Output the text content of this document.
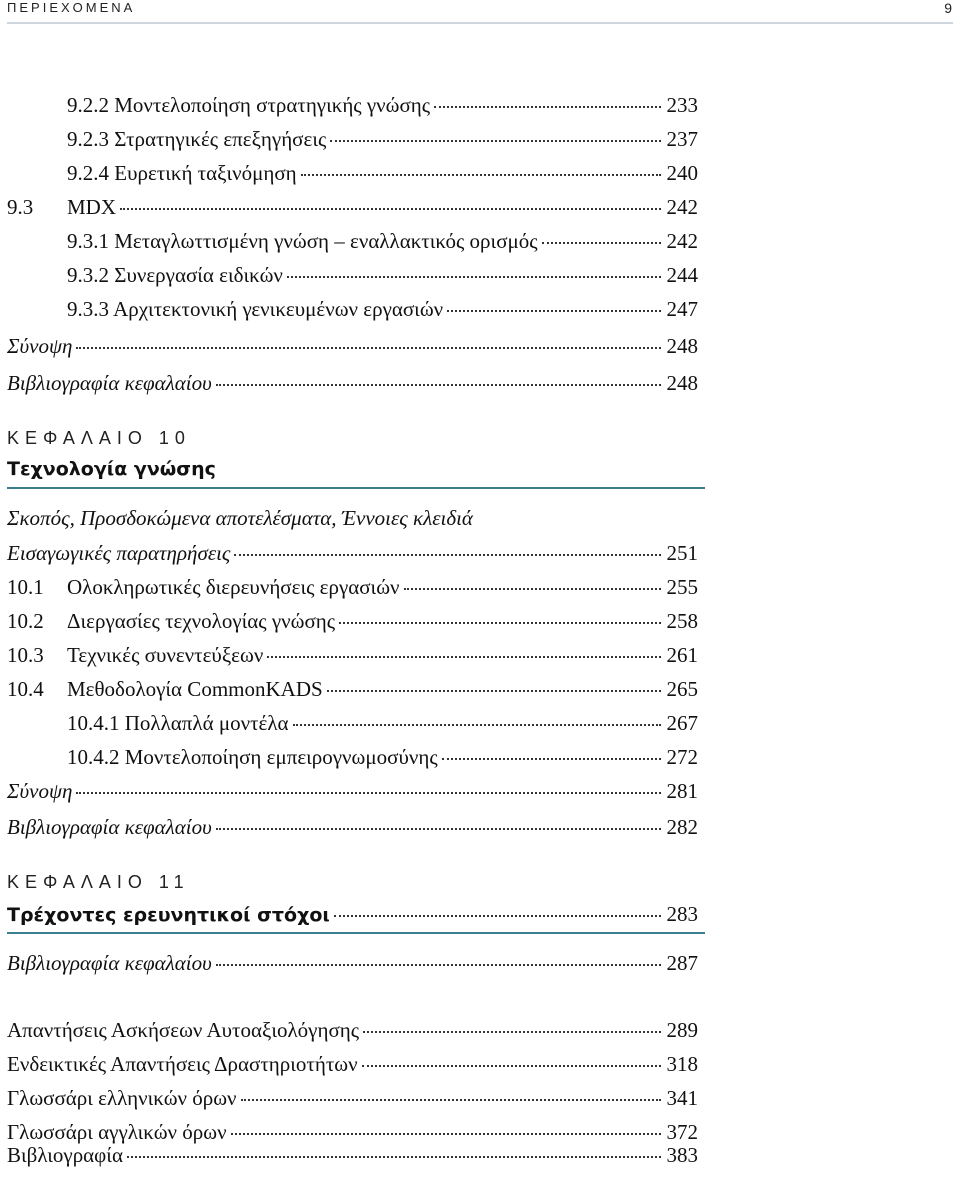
ΠΕΡΙΕΧΟΜΕΝΑ	9
9.2.2 Μοντελοποίηση στρατηγικής γνώσης	233
9.2.3 Στρατηγικές επεξηγήσεις	237
9.2.4 Ευρετική ταξινόμηση	240
9.3	MDX	242
9.3.1 Μεταγλωττισμένη γνώση – εναλλακτικός ορισμός	242
9.3.2 Συνεργασία ειδικών	244
9.3.3 Αρχιτεκτονική γενικευμένων εργασιών	247
Σύνοψη	248
Βιβλιογραφία κεφαλαίου	248
ΚΕΦΑΛΑΙΟ 10
Τεχνολογία γνώσης
Σκοπός, Προσδοκώμενα αποτελέσματα, Έννοιες κλειδιά
Εισαγωγικές παρατηρήσεις	251
10.1	Ολοκληρωτικές διερευνήσεις εργασιών	255
10.2	Διεργασίες τεχνολογίας γνώσης	258
10.3	Τεχνικές συνεντεύξεων	261
10.4	Μεθοδολογία CommonKADS	265
10.4.1 Πολλαπλά μοντέλα	267
10.4.2 Μοντελοποίηση εμπειρογνωμοσύνης	272
Σύνοψη	281
Βιβλιογραφία κεφαλαίου	282
ΚΕΦΑΛΑΙΟ 11
Τρέχοντες ερευνητικοί στόχοι	283
Βιβλιογραφία κεφαλαίου	287
Απαντήσεις Ασκήσεων Αυτοαξιολόγησης	289
Ενδεικτικές Απαντήσεις Δραστηριοτήτων	318
Γλωσσάρι ελληνικών όρων	341
Γλωσσάρι αγγλικών όρων	372
Βιβλιογραφία	383
